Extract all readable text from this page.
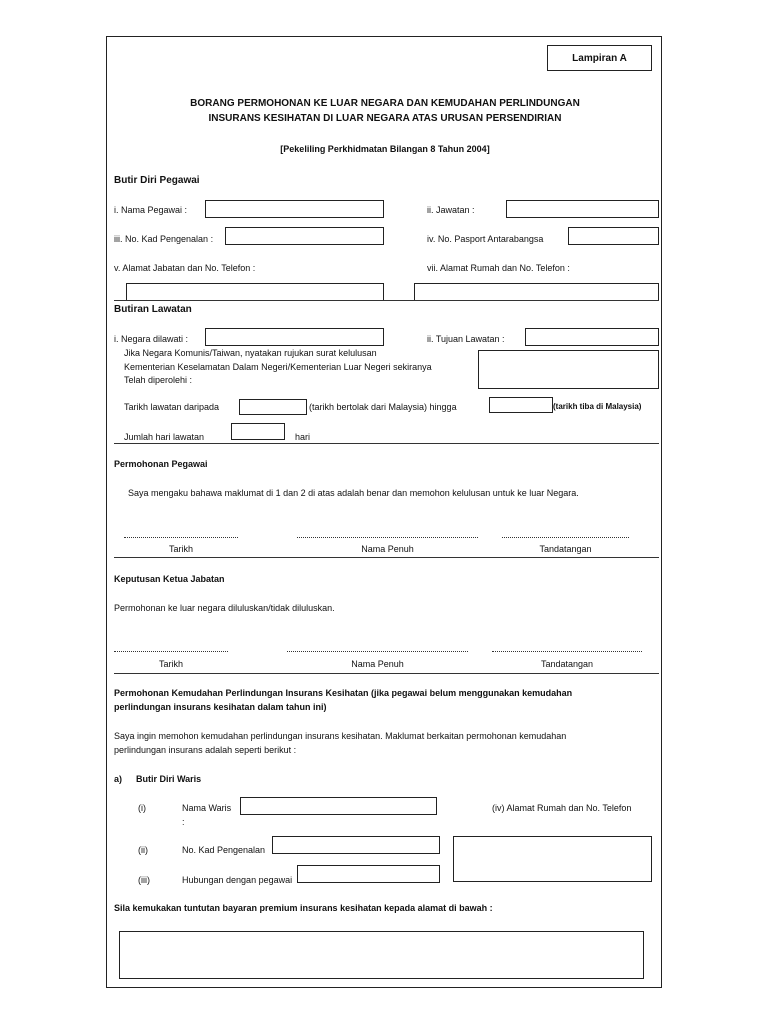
Lampiran A
BORANG PERMOHONAN KE LUAR NEGARA DAN KEMUDAHAN PERLINDUNGAN
INSURANS KESIHATAN DI LUAR NEGARA ATAS URUSAN PERSENDIRIAN
[Pekeliling Perkhidmatan Bilangan 8 Tahun 2004]
Butir Diri Pegawai
i. Nama Pegawai :	ii. Jawatan :
iii. No. Kad Pengenalan :	iv. No. Pasport Antarabangsa
v. Alamat Jabatan dan No. Telefon :	vii. Alamat Rumah dan No. Telefon :
Butiran Lawatan
i. Negara dilawati :	ii. Tujuan Lawatan :
Jika Negara Komunis/Taiwan, nyatakan rujukan surat kelulusan
Kementerian Keselamatan Dalam Negeri/Kementerian Luar Negeri sekiranya
Telah diperolehi :
Tarikh lawatan daripada	(tarikh bertolak dari Malaysia) hingga	(tarikh tiba di Malaysia)
Jumlah hari lawatan	hari
Permohonan Pegawai
Saya mengaku bahawa maklumat di 1 dan 2 di atas adalah benar dan memohon kelulusan untuk ke luar Negara.
Tarikh	Nama Penuh	Tandatangan
Keputusan Ketua Jabatan
Permohonan ke luar negara diluluskan/tidak diluluskan.
Tarikh	Nama Penuh	Tandatangan
Permohonan Kemudahan Perlindungan Insurans Kesihatan (jika pegawai belum menggunakan kemudahan
perlindungan insurans kesihatan dalam tahun ini)
Saya ingin memohon kemudahan perlindungan insurans kesihatan. Maklumat berkaitan permohonan kemudahan
perlindungan insurans adalah seperti berikut :
a) Butir Diri Waris
(i)	Nama Waris
:
(iv) Alamat Rumah dan No. Telefon
(ii)	No. Kad Pengenalan
(iii)	Hubungan dengan pegawai
Sila kemukakan tuntutan bayaran premium insurans kesihatan kepada alamat di bawah :
